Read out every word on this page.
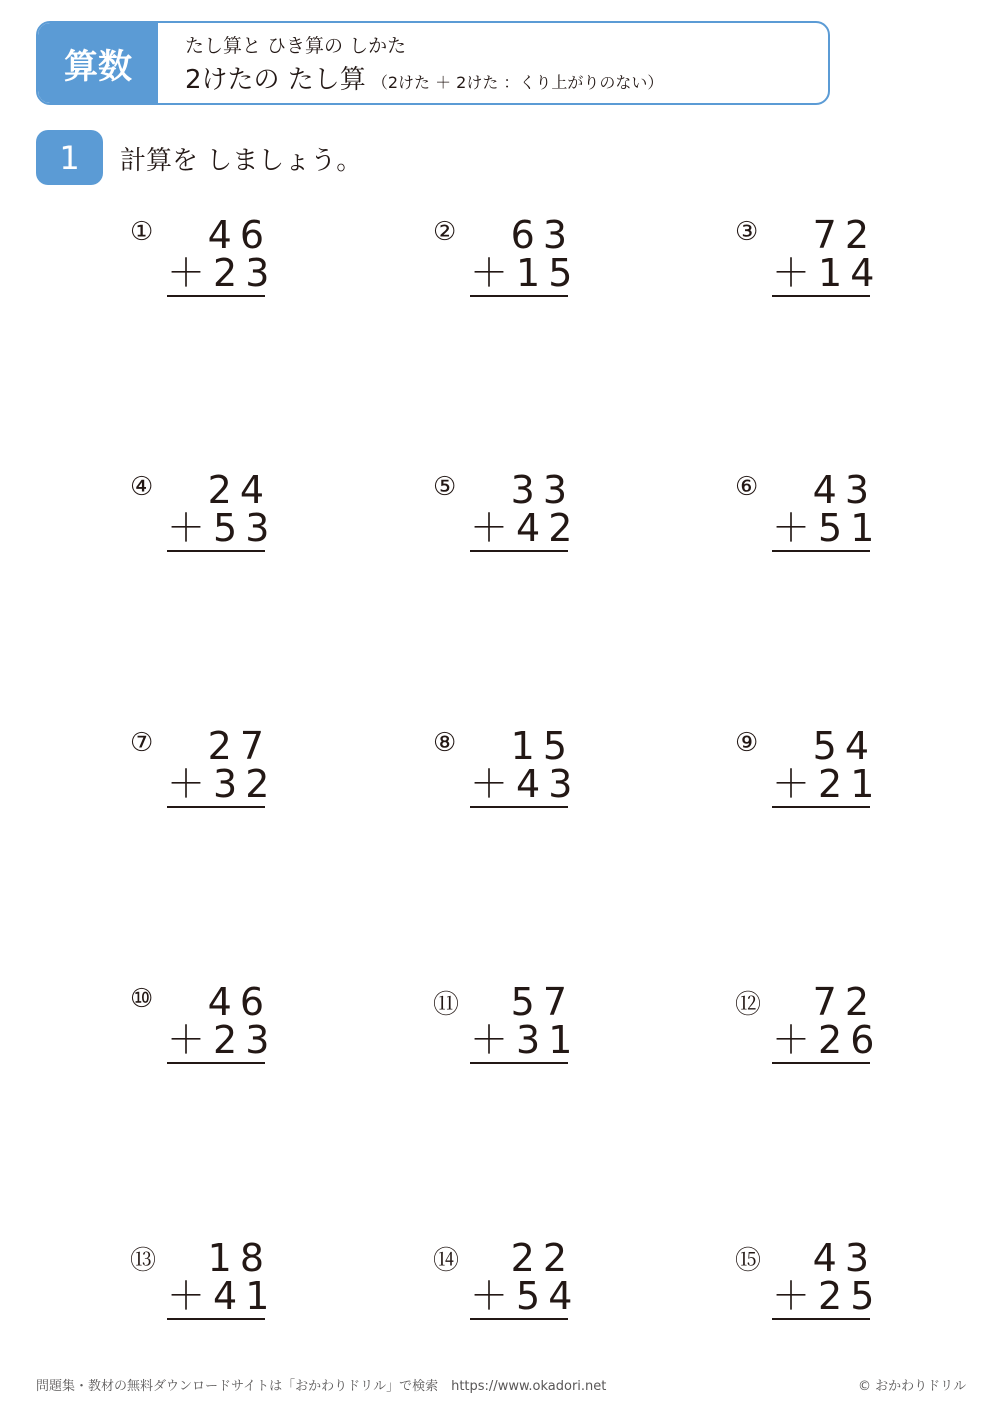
算数
たし算と ひき算の しかた
2けたの たし算 （2けた ＋ 2けた ：くり上がりのない）
1	計算を しましょう。
① 46
＋23
② 63
＋15
③ 72
＋14
④ 24
＋53
⑤ 33
＋42
⑥ 43
＋51
⑦ 27
＋32
⑧ 15
＋43
⑨ 54
＋21
⑩ 46
＋23
⑪ 57
＋31
⑫ 72
＋26
⑬ 18
＋41
⑭ 22
＋54
⑮ 43
＋25
問題集・教材の無料ダウンロードサイトは「おかわりドリル」で検索　https://www.okadori.net	© おかわりドリル
